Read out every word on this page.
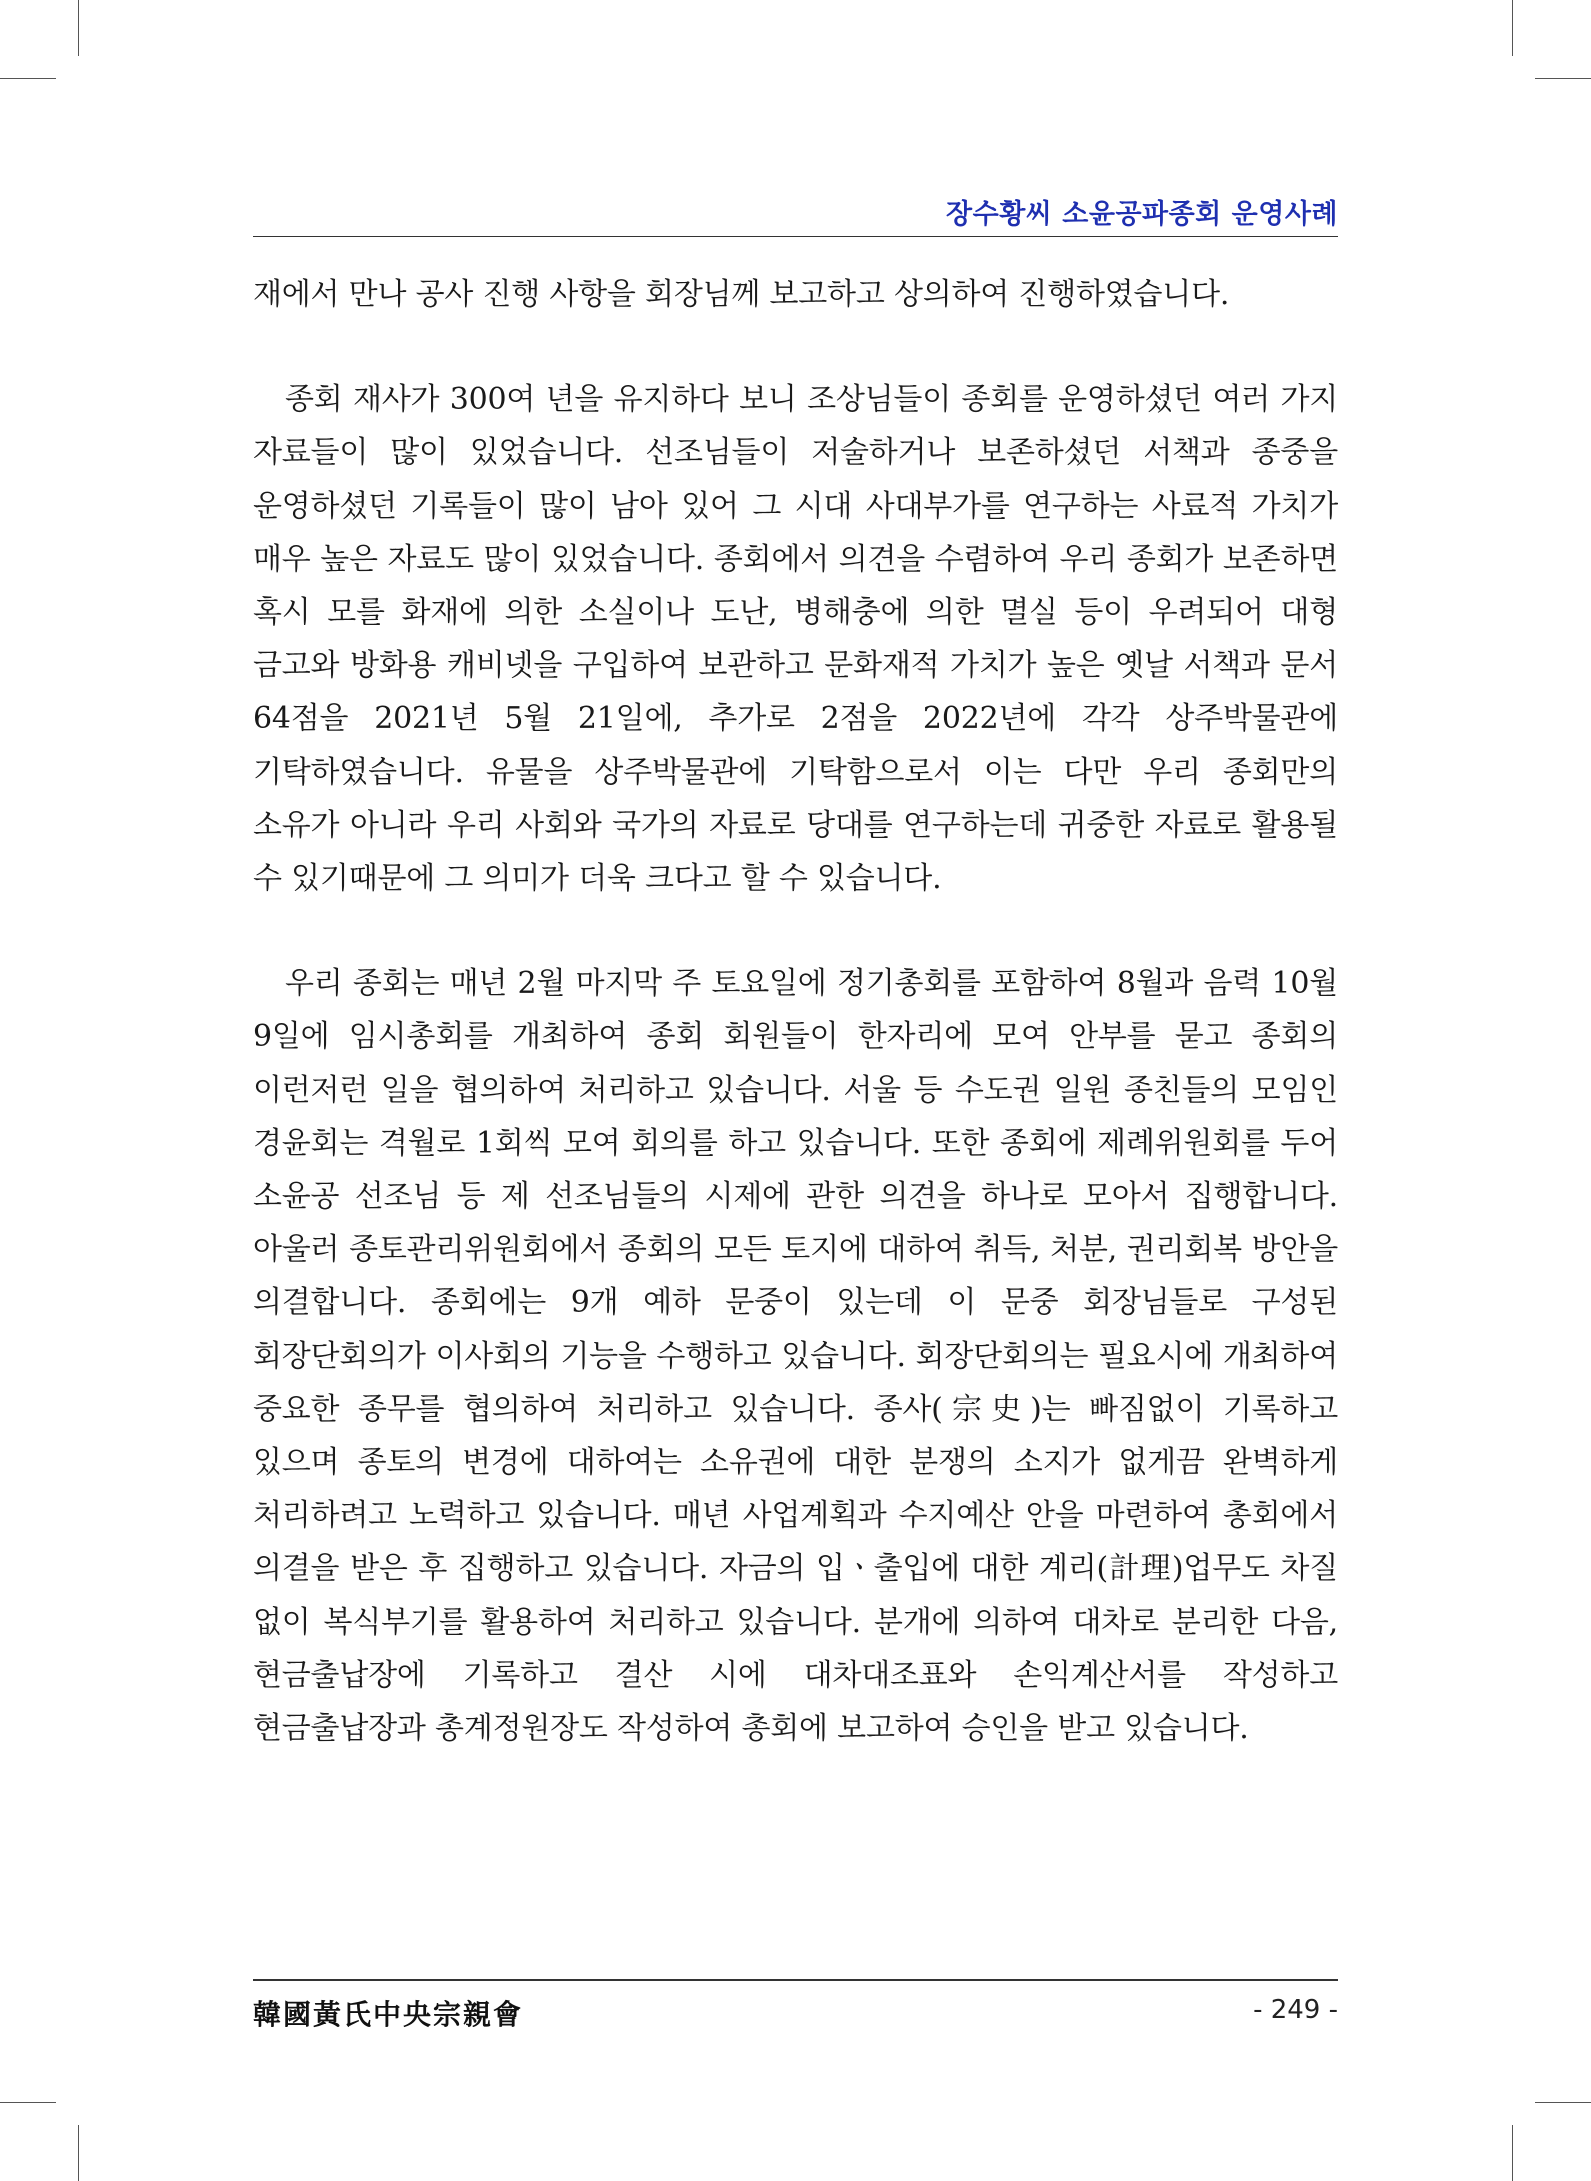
장수황씨 소윤공파종회 운영사례

재에서 만나 공사 진행 사항을 회장님께 보고하고 상의하여 진행하였습니다.

종회 재사가 300여 년을 유지하다 보니 조상님들이 종회를 운영하셨던 여러 가지 자료들이 많이 있었습니다. 선조님들이 저술하거나 보존하셨던 서책과 종중을 운영하셨던 기록들이 많이 남아 있어 그 시대 사대부가를 연구하는 사료적 가치가 매우 높은 자료도 많이 있었습니다. 종회에서 의견을 수렴하여 우리 종회가 보존하면 혹시 모를 화재에 의한 소실이나 도난, 병해충에 의한 멸실 등이 우려되어 대형 금고와 방화용 캐비넷을 구입하여 보관하고 문화재적 가치가 높은 옛날 서책과 문서 64점을 2021년 5월 21일에, 추가로 2점을 2022년에 각각 상주박물관에 기탁하였습니다. 유물을 상주박물관에 기탁함으로서 이는 다만 우리 종회만의 소유가 아니라 우리 사회와 국가의 자료로 당대를 연구하는데 귀중한 자료로 활용될 수 있기때문에 그 의미가 더욱 크다고 할 수 있습니다.

우리 종회는 매년 2월 마지막 주 토요일에 정기총회를 포함하여 8월과 음력 10월 9일에 임시총회를 개최하여 종회 회원들이 한자리에 모여 안부를 묻고 종회의 이런저런 일을 협의하여 처리하고 있습니다. 서울 등 수도권 일원 종친들의 모임인 경윤회는 격월로 1회씩 모여 회의를 하고 있습니다. 또한 종회에 제례위원회를 두어 소윤공 선조님 등 제 선조님들의 시제에 관한 의견을 하나로 모아서 집행합니다. 아울러 종토관리위원회에서 종회의 모든 토지에 대하여 취득, 처분, 권리회복 방안을 의결합니다. 종회에는 9개 예하 문중이 있는데 이 문중 회장님들로 구성된 회장단회의가 이사회의 기능을 수행하고 있습니다. 회장단회의는 필요시에 개최하여 중요한 종무를 협의하여 처리하고 있습니다. 종사(宗史)는 빠짐없이 기록하고 있으며 종토의 변경에 대하여는 소유권에 대한 분쟁의 소지가 없게끔 완벽하게 처리하려고 노력하고 있습니다. 매년 사업계획과 수지예산 안을 마련하여 총회에서 의결을 받은 후 집행하고 있습니다. 자금의 입ㆍ출입에 대한 계리(計理)업무도 차질 없이 복식부기를 활용하여 처리하고 있습니다. 분개에 의하여 대차로 분리한 다음, 현금출납장에 기록하고 결산 시에 대차대조표와 손익계산서를 작성하고 현금출납장과 총계정원장도 작성하여 총회에 보고하여 승인을 받고 있습니다.

韓國黃氏中央宗親會	- 249 -
